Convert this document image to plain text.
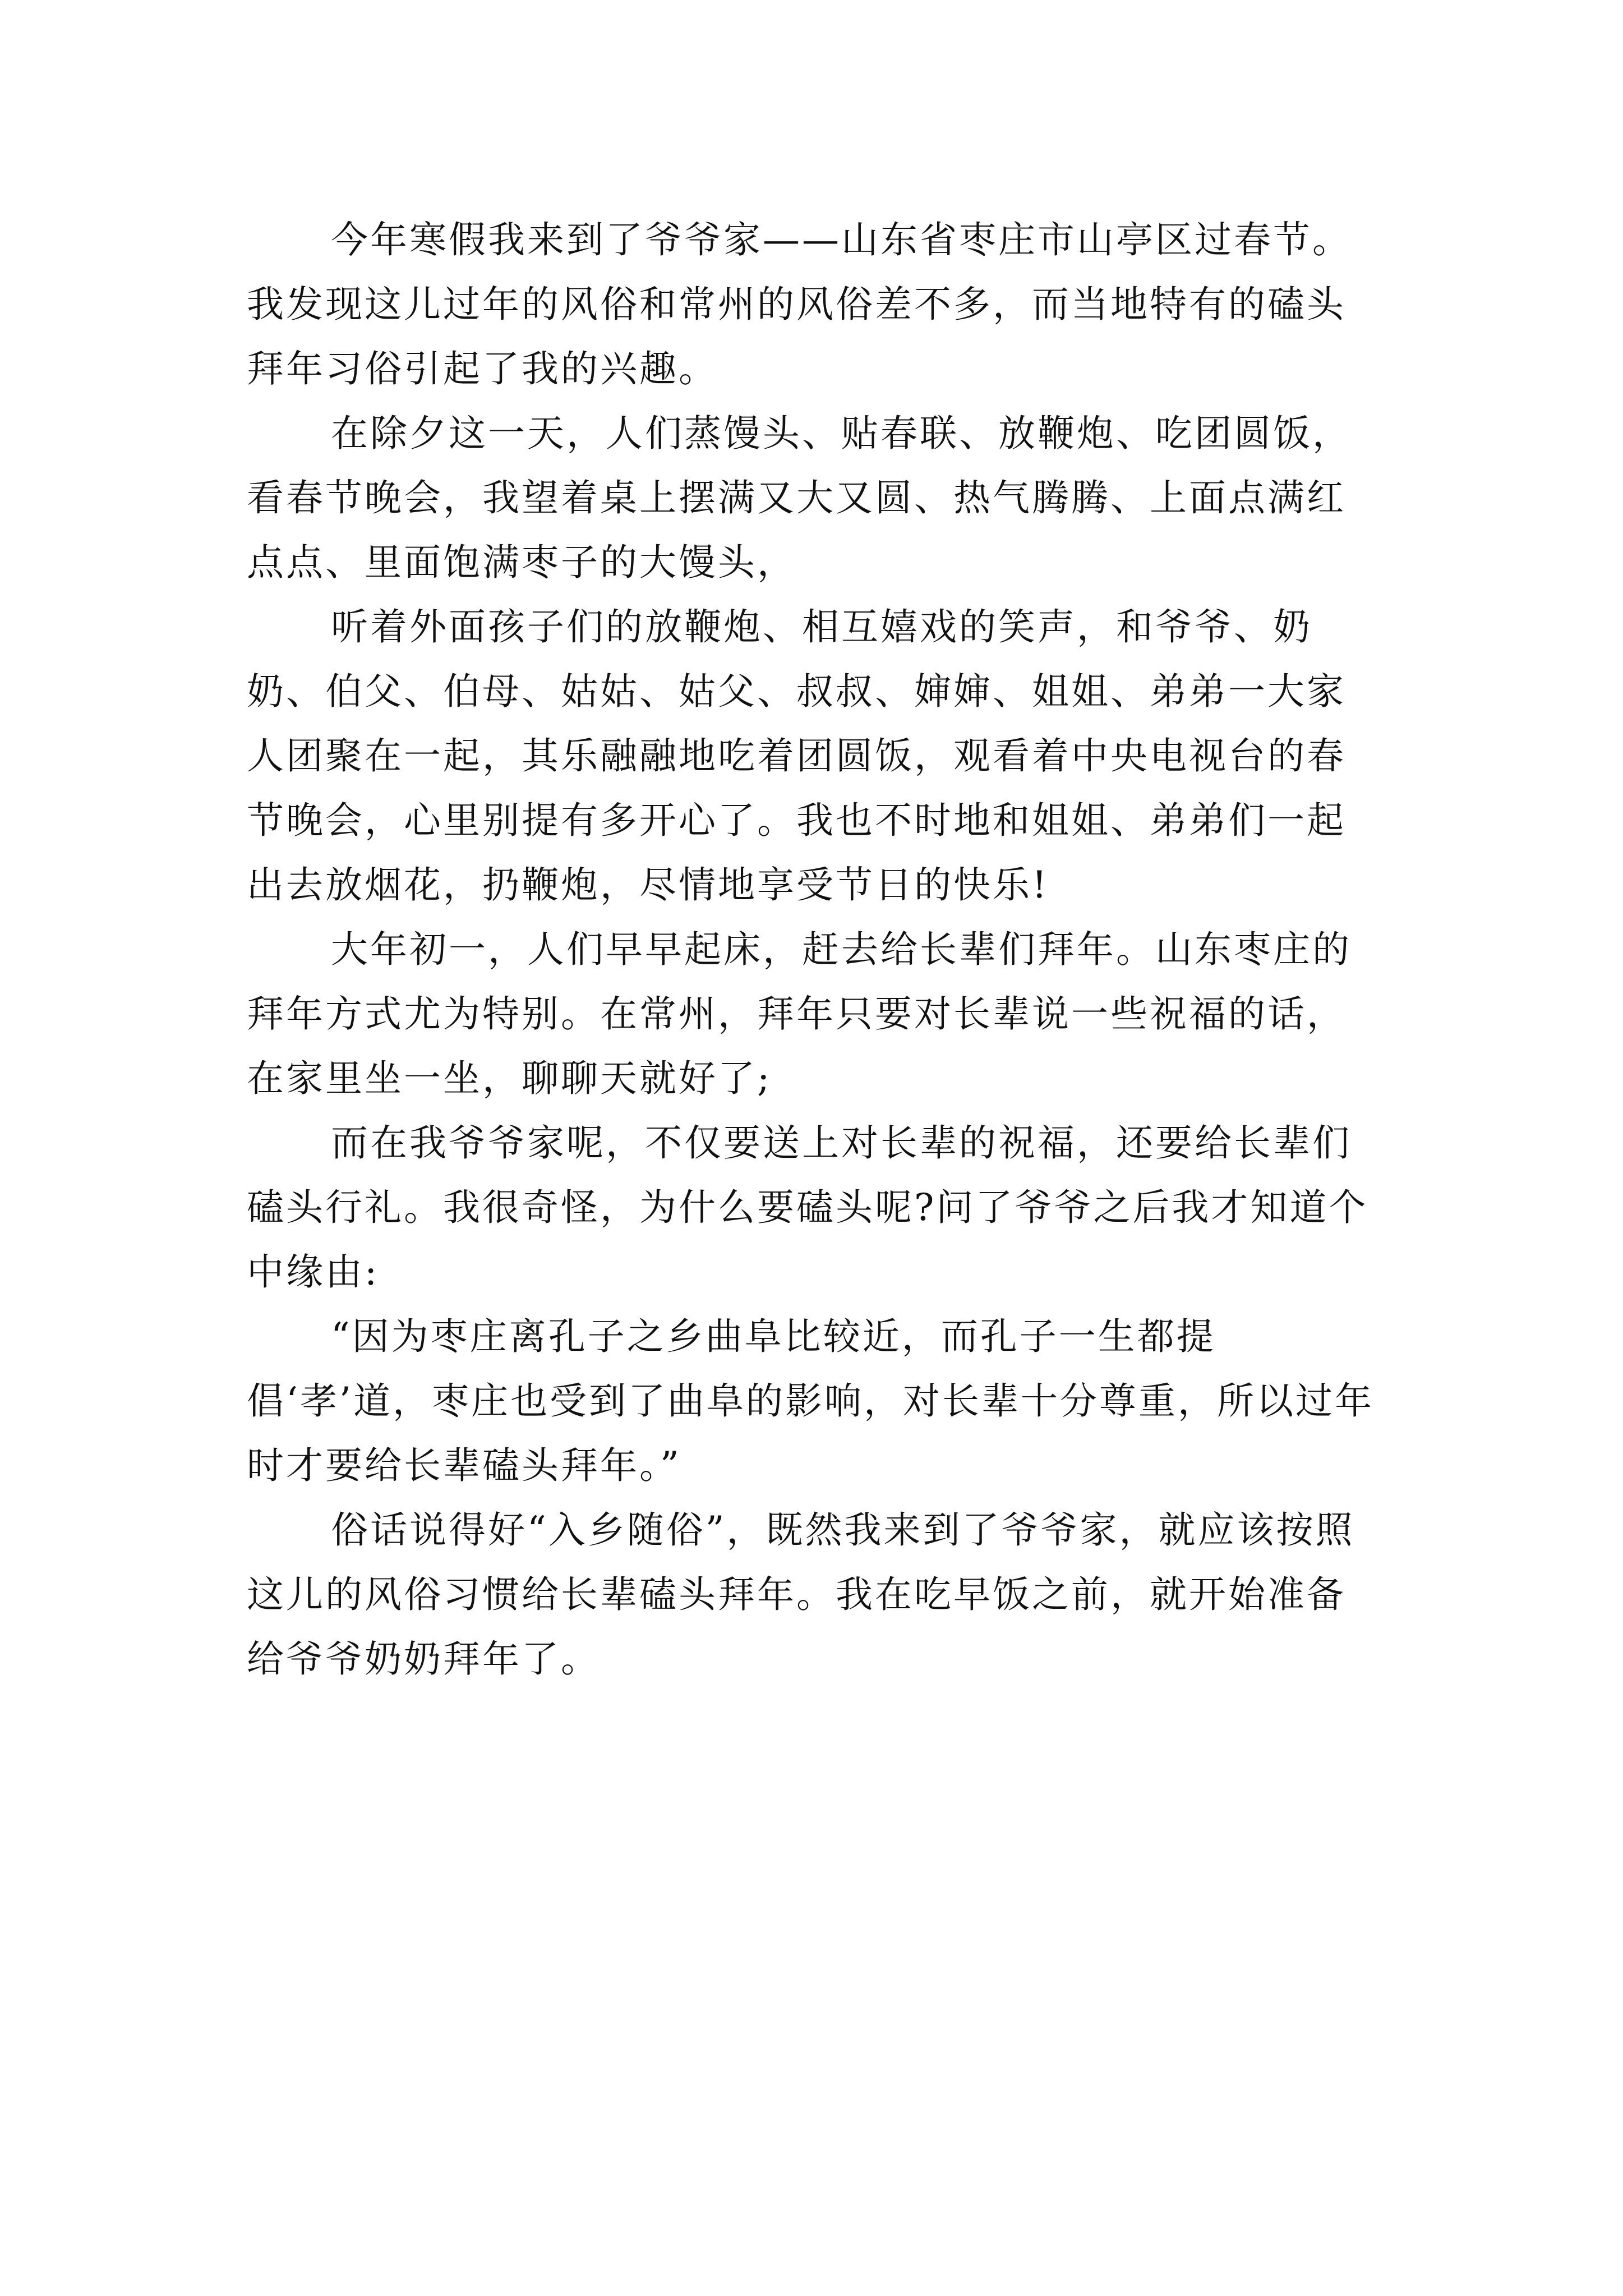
今年寒假我来到了爷爷家——山东省枣庄市山亭区过春节。我发现这儿过年的风俗和常州的风俗差不多，而当地特有的磕头拜年习俗引起了我的兴趣。

在除夕这一天，人们蒸馒头、贴春联、放鞭炮、吃团圆饭，看春节晚会，我望着桌上摆满又大又圆、热气腾腾、上面点满红点点、里面饱满枣子的大馒头，

听着外面孩子们的放鞭炮、相互嬉戏的笑声，和爷爷、奶奶、伯父、伯母、姑姑、姑父、叔叔、婶婶、姐姐、弟弟一大家人团聚在一起，其乐融融地吃着团圆饭，观看着中央电视台的春节晚会，心里别提有多开心了。我也不时地和姐姐、弟弟们一起出去放烟花，扔鞭炮，尽情地享受节日的快乐!

大年初一，人们早早起床，赶去给长辈们拜年。山东枣庄的拜年方式尤为特别。在常州，拜年只要对长辈说一些祝福的话，在家里坐一坐，聊聊天就好了;

而在我爷爷家呢，不仅要送上对长辈的祝福，还要给长辈们磕头行礼。我很奇怪，为什么要磕头呢?问了爷爷之后我才知道个中缘由:

“因为枣庄离孔子之乡曲阜比较近，而孔子一生都提倡‘孝’道，枣庄也受到了曲阜的影响，对长辈十分尊重，所以过年时才要给长辈磕头拜年。”

俗话说得好“入乡随俗”，既然我来到了爷爷家，就应该按照这儿的风俗习惯给长辈磕头拜年。我在吃早饭之前，就开始准备给爷爷奶奶拜年了。
